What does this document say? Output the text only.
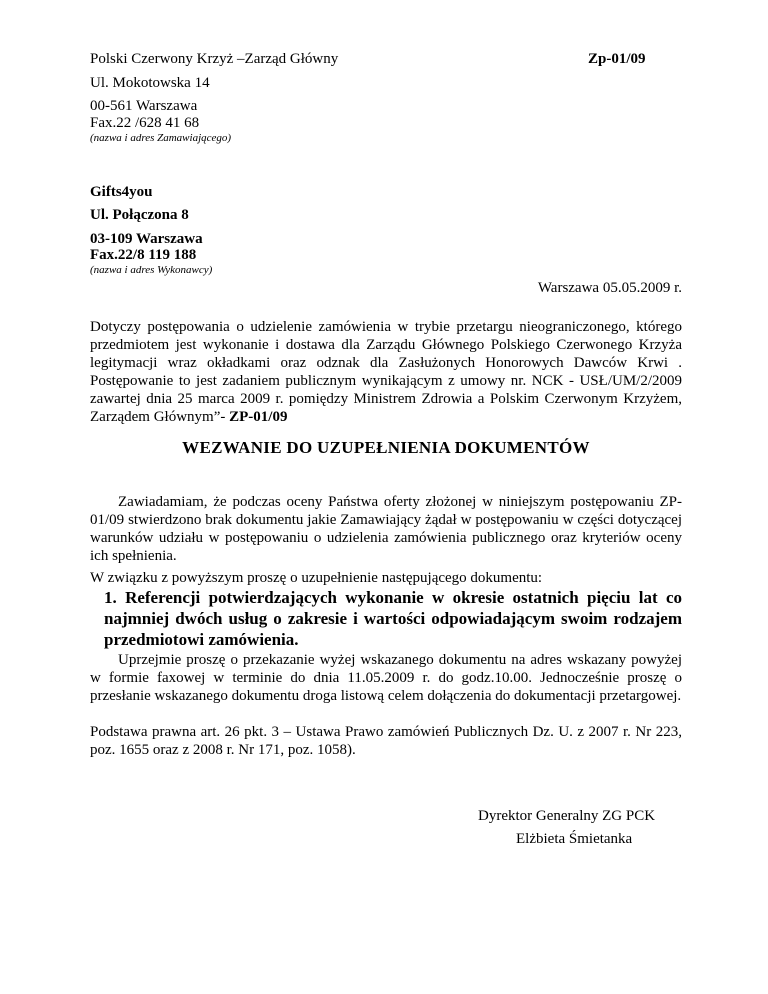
Polski Czerwony Krzyż –Zarząd Główny	Zp-01/09
Ul. Mokotowska 14
00-561 Warszawa
Fax.22 /628 41 68
(nazwa i adres Zamawiającego)
Gifts4you
Ul. Połączona 8
03-109 Warszawa
Fax.22/8 119 188
(nazwa i adres Wykonawcy)
Warszawa 05.05.2009 r.
Dotyczy postępowania o udzielenie zamówienia w trybie przetargu nieograniczonego, którego przedmiotem jest wykonanie i dostawa dla Zarządu Głównego Polskiego Czerwonego Krzyża legitymacji wraz okładkami oraz odznak dla Zasłużonych Honorowych Dawców Krwi . Postępowanie to jest zadaniem publicznym wynikającym z umowy nr. NCK - USŁ/UM/2/2009 zawartej dnia 25 marca 2009 r. pomiędzy Ministrem Zdrowia a Polskim Czerwonym Krzyżem, Zarządem Głównym”- ZP-01/09
WEZWANIE DO UZUPEŁNIENIA DOKUMENTÓW
Zawiadamiam, że podczas oceny Państwa oferty złożonej w niniejszym postępowaniu ZP-01/09 stwierdzono brak dokumentu jakie Zamawiający żądał w postępowaniu w części dotyczącej warunków udziału w postępowaniu o udzielenia zamówienia publicznego oraz kryteriów oceny ich spełnienia.
W związku z powyższym proszę o uzupełnienie następującego dokumentu:
1. Referencji potwierdzających wykonanie w okresie ostatnich pięciu lat co najmniej dwóch usług o zakresie i wartości odpowiadającym swoim rodzajem przedmiotowi zamówienia.
Uprzejmie proszę o przekazanie wyżej wskazanego dokumentu na adres wskazany powyżej w formie faxowej w terminie do dnia 11.05.2009 r. do godz.10.00. Jednocześnie proszę o przesłanie wskazanego dokumentu droga listową celem dołączenia do dokumentacji przetargowej.
Podstawa prawna art. 26 pkt. 3 – Ustawa Prawo zamówień Publicznych Dz. U. z 2007 r. Nr 223, poz. 1655 oraz z 2008 r. Nr 171, poz. 1058).
Dyrektor Generalny ZG PCK
Elżbieta Śmietanka
